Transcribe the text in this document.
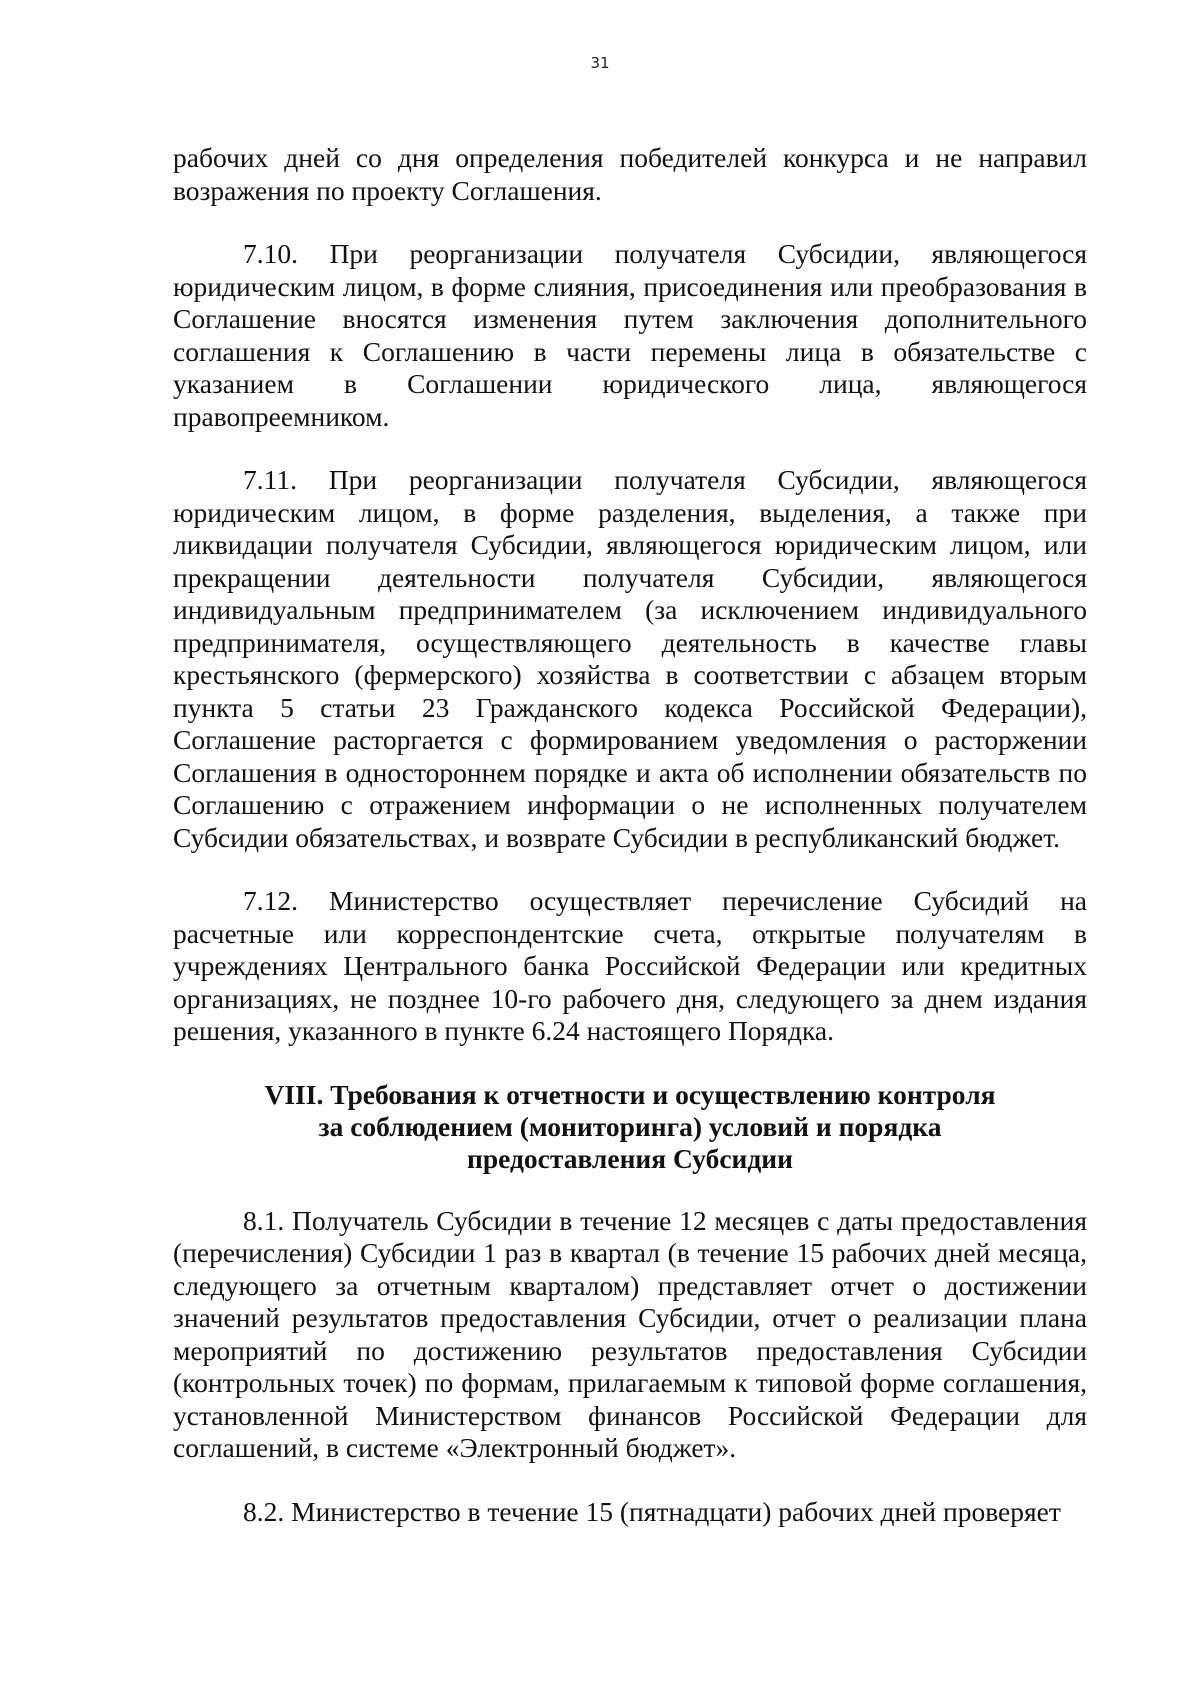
31

рабочих дней со дня определения победителей конкурса и не направил возражения по проекту Соглашения.

7.10. При реорганизации получателя Субсидии, являющегося юридическим лицом, в форме слияния, присоединения или преобразования в Соглашение вносятся изменения путем заключения дополнительного соглашения к Соглашению в части перемены лица в обязательстве с указанием в Соглашении юридического лица, являющегося правопреемником.

7.11. При реорганизации получателя Субсидии, являющегося юридическим лицом, в форме разделения, выделения, а также при ликвидации получателя Субсидии, являющегося юридическим лицом, или прекращении деятельности получателя Субсидии, являющегося индивидуальным предпринимателем (за исключением индивидуального предпринимателя, осуществляющего деятельность в качестве главы крестьянского (фермерского) хозяйства в соответствии с абзацем вторым пункта 5 статьи 23 Гражданского кодекса Российской Федерации), Соглашение расторгается с формированием уведомления о расторжении Соглашения в одностороннем порядке и акта об исполнении обязательств по Соглашению с отражением информации о не исполненных получателем Субсидии обязательствах, и возврате Субсидии в республиканский бюджет.

7.12. Министерство осуществляет перечисление Субсидий на расчетные или корреспондентские счета, открытые получателям в учреждениях Центрального банка Российской Федерации или кредитных организациях, не позднее 10-го рабочего дня, следующего за днем издания решения, указанного в пункте 6.24 настоящего Порядка.

VIII. Требования к отчетности и осуществлению контроля
за соблюдением (мониторинга) условий и порядка
предоставления Субсидии

8.1. Получатель Субсидии в течение 12 месяцев с даты предоставления (перечисления) Субсидии 1 раз в квартал (в течение 15 рабочих дней месяца, следующего за отчетным кварталом) представляет отчет о достижении значений результатов предоставления Субсидии, отчет о реализации плана мероприятий по достижению результатов предоставления Субсидии (контрольных точек) по формам, прилагаемым к типовой форме соглашения, установленной Министерством финансов Российской Федерации для соглашений, в системе «Электронный бюджет».

8.2. Министерство в течение 15 (пятнадцати) рабочих дней проверяет
